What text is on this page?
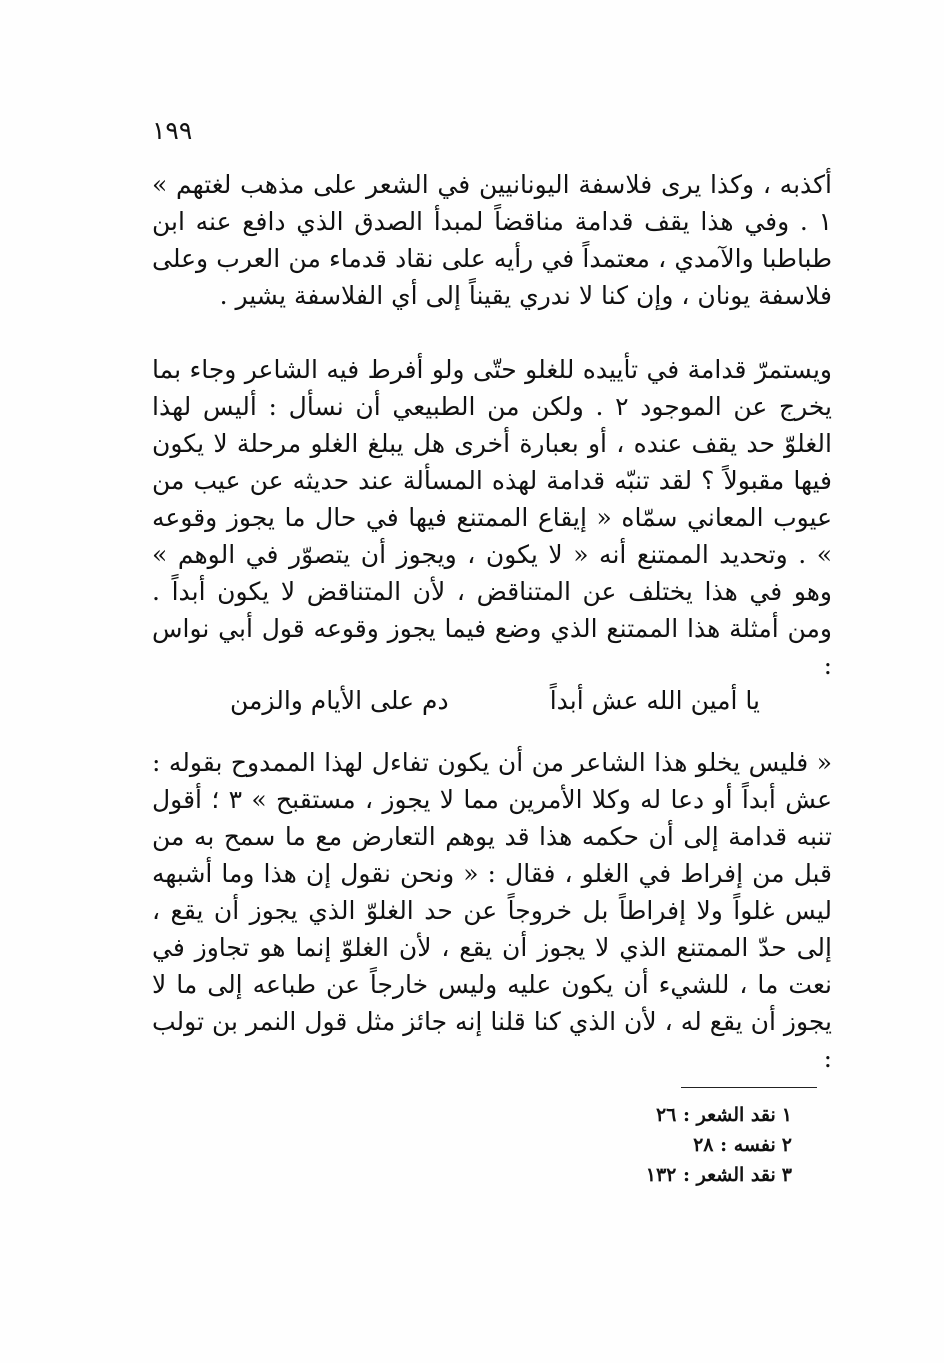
١٩٩

أكذبه ، وكذا يرى فلاسفة اليونانيين في الشعر على مذهب لغتهم » ١ . وفي هذا يقف قدامة مناقضاً لمبدأ الصدق الذي دافع عنه ابن طباطبا والآمدي ، معتمداً في رأيه على نقاد قدماء من العرب وعلى فلاسفة يونان ، وإن كنا لا ندري يقيناً إلى أي الفلاسفة يشير .

ويستمرّ قدامة في تأييده للغلو حتّى ولو أفرط فيه الشاعر وجاء بما يخرج عن الموجود ٢ . ولكن من الطبيعي أن نسأل : أليس لهذا الغلوّ حد يقف عنده ، أو بعبارة أخرى هل يبلغ الغلو مرحلة لا يكون فيها مقبولاً ؟ لقد تنبّه قدامة لهذه المسألة عند حديثه عن عيب من عيوب المعاني سمّاه « إيقاع الممتنع فيها في حال ما يجوز وقوعه » . وتحديد الممتنع أنه « لا يكون ، ويجوز أن يتصوّر في الوهم » وهو في هذا يختلف عن المتناقض ، لأن المتناقض لا يكون أبداً . ومن أمثلة هذا الممتنع الذي وضع فيما يجوز وقوعه قول أبي نواس :

يا أمين الله عش أبداً
دم على الأيام والزمن

« فليس يخلو هذا الشاعر من أن يكون تفاءل لهذا الممدوح بقوله : عش أبداً أو دعا له وكلا الأمرين مما لا يجوز ، مستقبح » ٣ ؛ أقول تنبه قدامة إلى أن حكمه هذا قد يوهم التعارض مع ما سمح به من قبل من إفراط في الغلو ، فقال : « ونحن نقول إن هذا وما أشبهه ليس غلواً ولا إفراطاً بل خروجاً عن حد الغلوّ الذي يجوز أن يقع ، إلى حدّ الممتنع الذي لا يجوز أن يقع ، لأن الغلوّ إنما هو تجاوز في نعت ما ، للشيء أن يكون عليه وليس خارجاً عن طباعه إلى ما لا يجوز أن يقع له ، لأن الذي كنا قلنا إنه جائز مثل قول النمر بن تولب :

١نقد الشعر : ٢٦
٢نفسه : ٢٨
٣نقد الشعر : ١٣٢
